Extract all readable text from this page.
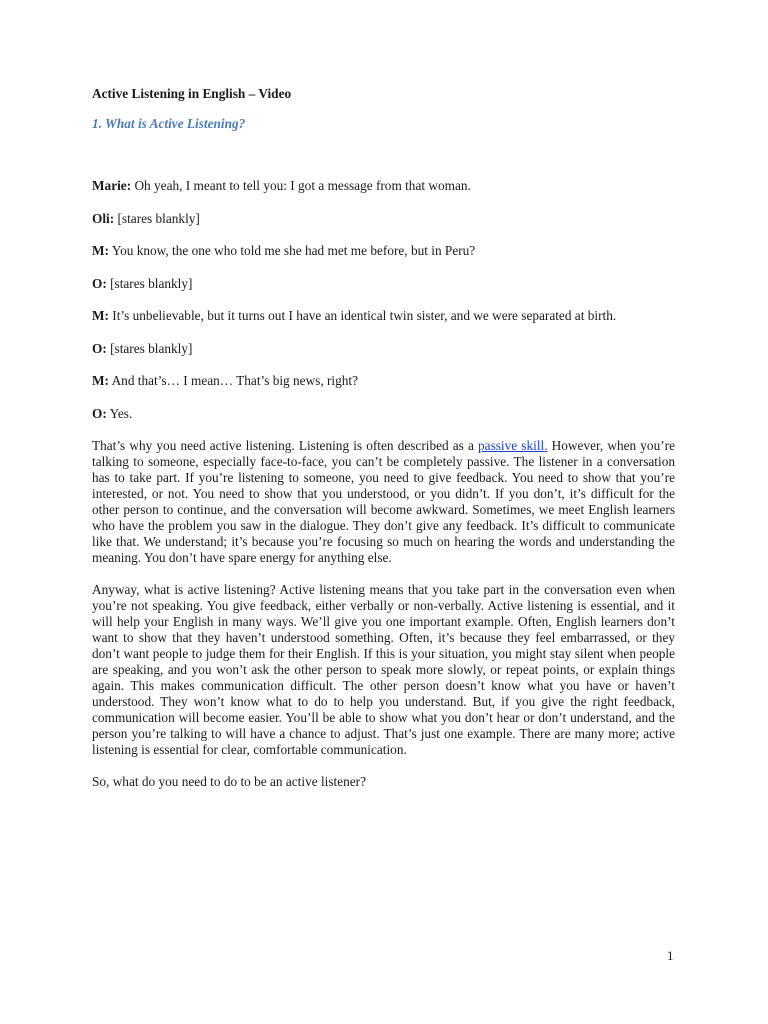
Active Listening in English – Video
1. What is Active Listening?
Marie: Oh yeah, I meant to tell you: I got a message from that woman.
Oli: [stares blankly]
M: You know, the one who told me she had met me before, but in Peru?
O: [stares blankly]
M: It’s unbelievable, but it turns out I have an identical twin sister, and we were separated at birth.
O: [stares blankly]
M: And that’s… I mean… That’s big news, right?
O: Yes.

That’s why you need active listening. Listening is often described as a passive skill. However, when you’re talking to someone, especially face-to-face, you can’t be completely passive. The listener in a conversation has to take part. If you’re listening to someone, you need to give feedback. You need to show that you’re interested, or not. You need to show that you understood, or you didn’t. If you don’t, it’s difficult for the other person to continue, and the conversation will become awkward. Sometimes, we meet English learners who have the problem you saw in the dialogue. They don’t give any feedback. It’s difficult to communicate like that. We understand; it’s because you’re focusing so much on hearing the words and understanding the meaning. You don’t have spare energy for anything else.

Anyway, what is active listening? Active listening means that you take part in the conversation even when you’re not speaking. You give feedback, either verbally or non-verbally. Active listening is essential, and it will help your English in many ways. We’ll give you one important example. Often, English learners don’t want to show that they haven’t understood something. Often, it’s because they feel embarrassed, or they don’t want people to judge them for their English. If this is your situation, you might stay silent when people are speaking, and you won’t ask the other person to speak more slowly, or repeat points, or explain things again. This makes communication difficult. The other person doesn’t know what you have or haven’t understood. They won’t know what to do to help you understand. But, if you give the right feedback, communication will become easier. You’ll be able to show what you don’t hear or don’t understand, and the person you’re talking to will have a chance to adjust. That’s just one example. There are many more; active listening is essential for clear, comfortable communication.

So, what do you need to do to be an active listener?

1
